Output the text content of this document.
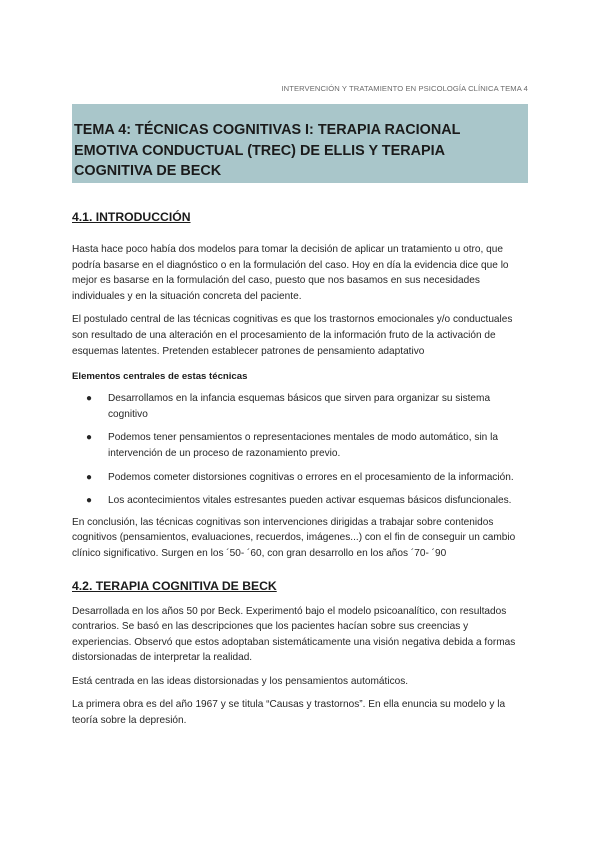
INTERVENCIÓN Y TRATAMIENTO EN PSICOLOGÍA CLÍNICA TEMA 4
TEMA 4: TÉCNICAS COGNITIVAS I: TERAPIA RACIONAL EMOTIVA CONDUCTUAL (TREC) DE ELLIS Y TERAPIA COGNITIVA DE BECK
4.1. INTRODUCCIÓN

Hasta hace poco había dos modelos para tomar la decisión de aplicar un tratamiento u otro, que podría basarse en el diagnóstico o en la formulación del caso. Hoy en día la evidencia dice que lo mejor es basarse en la formulación del caso, puesto que nos basamos en sus necesidades individuales y en la situación concreta del paciente.

El postulado central de las técnicas cognitivas es que los trastornos emocionales y/o conductuales son resultado de una alteración en el procesamiento de la información fruto de la activación de esquemas latentes. Pretenden establecer patrones de pensamiento adaptativo

Elementos centrales de estas técnicas
● Desarrollamos en la infancia esquemas básicos que sirven para organizar su sistema cognitivo
● Podemos tener pensamientos o representaciones mentales de modo automático, sin la intervención de un proceso de razonamiento previo.
● Podemos cometer distorsiones cognitivas o errores en el procesamiento de la información.
● Los acontecimientos vitales estresantes pueden activar esquemas básicos disfuncionales.

En conclusión, las técnicas cognitivas son intervenciones dirigidas a trabajar sobre contenidos cognitivos (pensamientos, evaluaciones, recuerdos, imágenes...) con el fin de conseguir un cambio clínico significativo. Surgen en los ´50- ´60, con gran desarrollo en los años ´70- ´90

4.2. TERAPIA COGNITIVA DE BECK

Desarrollada en los años 50 por Beck. Experimentó bajo el modelo psicoanalítico, con resultados contrarios. Se basó en las descripciones que los pacientes hacían sobre sus creencias y experiencias. Observó que estos adoptaban sistemáticamente una visión negativa debida a formas distorsionadas de interpretar la realidad.

Está centrada en las ideas distorsionadas y los pensamientos automáticos.

La primera obra es del año 1967 y se titula “Causas y trastornos”. En ella enuncia su modelo y la teoría sobre la depresión.
